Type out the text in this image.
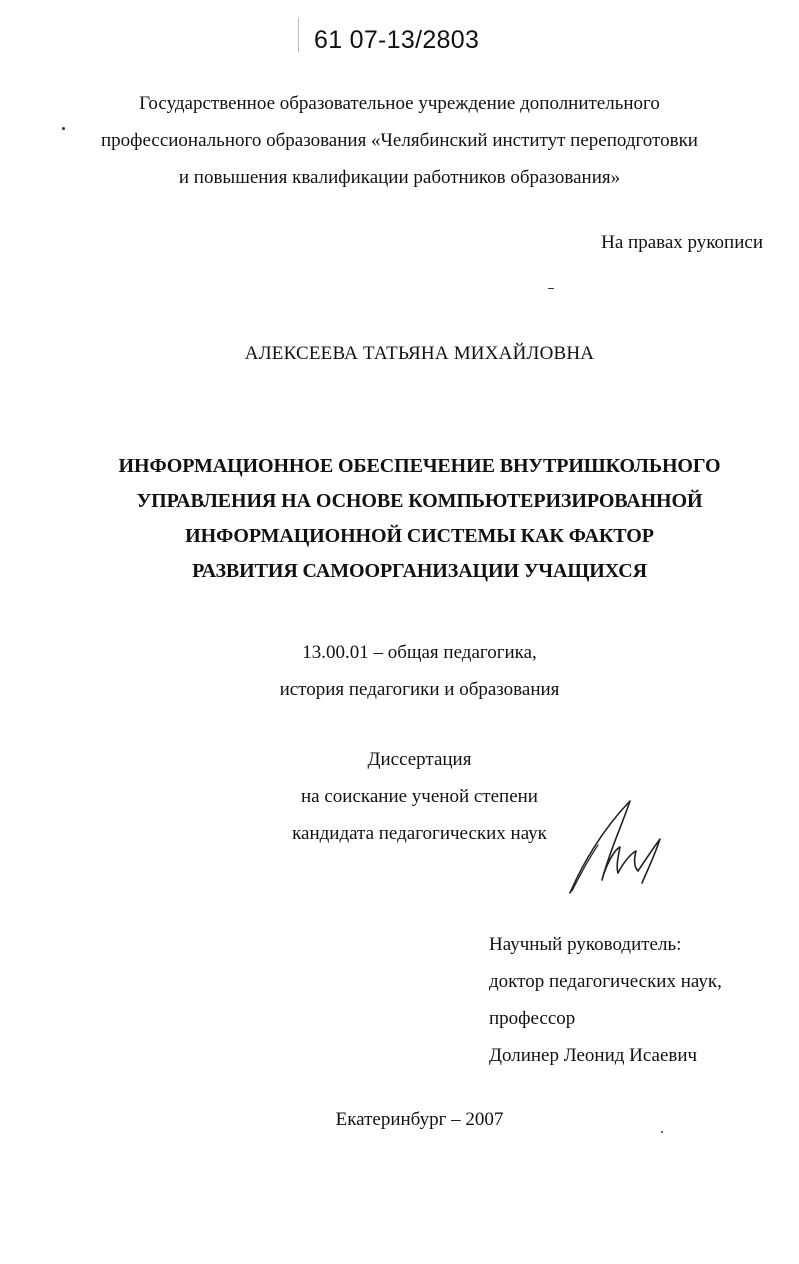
61 07-13/2803
Государственное образовательное учреждение дополнительного
профессионального образования «Челябинский институт переподготовки
и повышения квалификации работников образования»
На правах рукописи
АЛЕКСЕЕВА ТАТЬЯНА МИХАЙЛОВНА
ИНФОРМАЦИОННОЕ ОБЕСПЕЧЕНИЕ ВНУТРИШКОЛЬНОГО
УПРАВЛЕНИЯ НА ОСНОВЕ КОМПЬЮТЕРИЗИРОВАННОЙ
ИНФОРМАЦИОННОЙ СИСТЕМЫ КАК ФАКТОР
РАЗВИТИЯ САМООРГАНИЗАЦИИ УЧАЩИХСЯ
13.00.01 – общая педагогика,
история педагогики и образования
Диссертация
на соискание ученой степени
кандидата педагогических наук
Научный руководитель:
доктор педагогических наук,
профессор
Долинер Леонид Исаевич
Екатеринбург – 2007
